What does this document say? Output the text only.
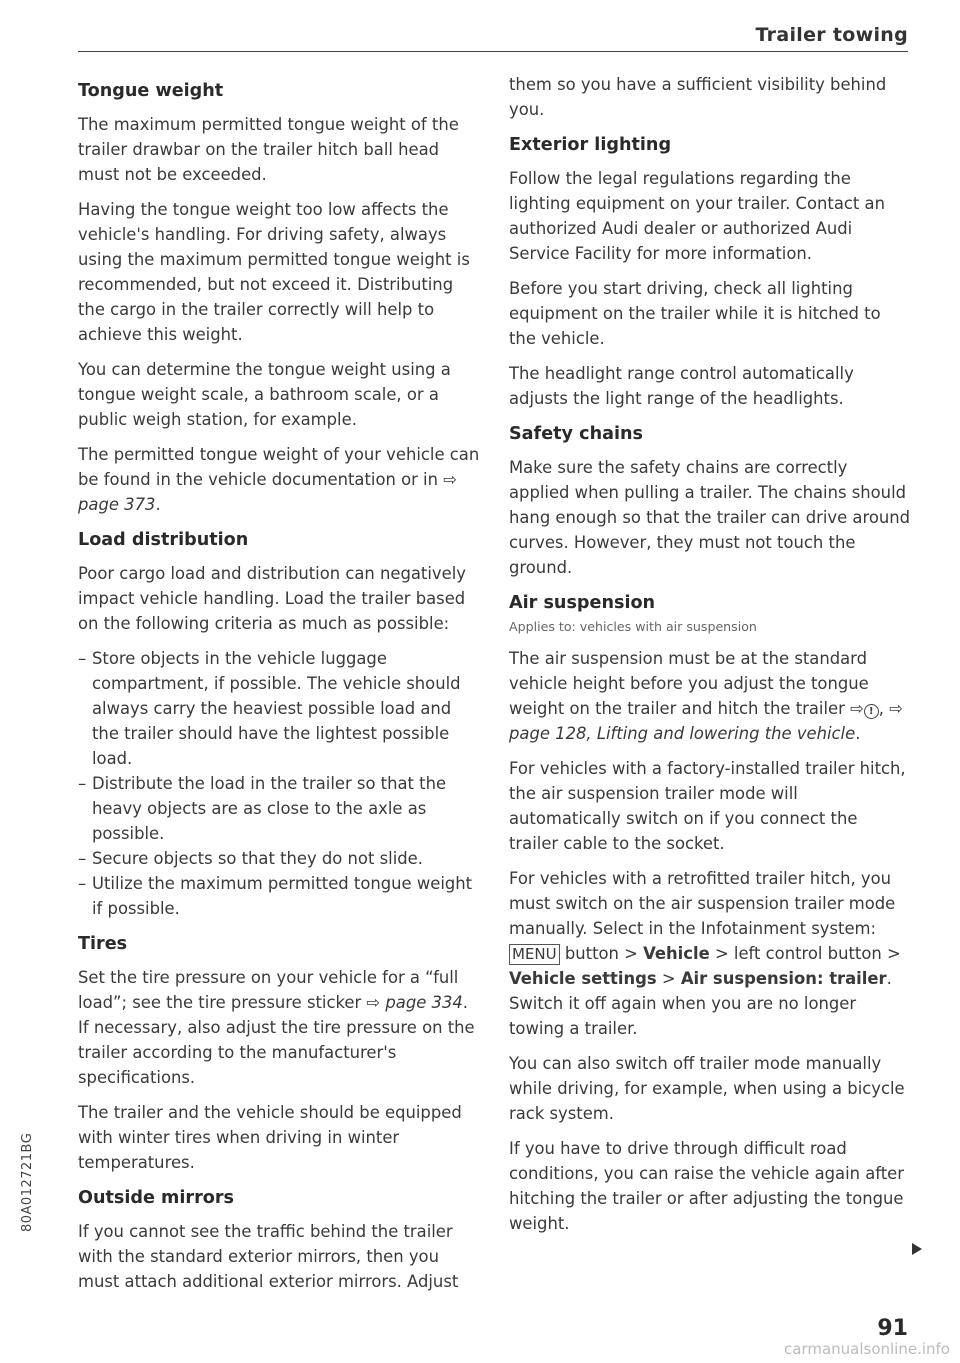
Trailer towing
Tongue weight

The maximum permitted tongue weight of the trailer drawbar on the trailer hitch ball head must not be exceeded.

Having the tongue weight too low affects the vehicle's handling. For driving safety, always using the maximum permitted tongue weight is recommended, but not exceed it. Distributing the cargo in the trailer correctly will help to achieve this weight.

You can determine the tongue weight using a tongue weight scale, a bathroom scale, or a public weigh station, for example.

The permitted tongue weight of your vehicle can be found in the vehicle documentation or in ⇨ page 373.

Load distribution

Poor cargo load and distribution can negatively impact vehicle handling. Load the trailer based on the following criteria as much as possible:

– Store objects in the vehicle luggage compartment, if possible. The vehicle should always carry the heaviest possible load and the trailer should have the lightest possible load.
– Distribute the load in the trailer so that the heavy objects are as close to the axle as possible.
– Secure objects so that they do not slide.
– Utilize the maximum permitted tongue weight if possible.
Tires

Set the tire pressure on your vehicle for a “full load”; see the tire pressure sticker ⇨ page 334. If necessary, also adjust the tire pressure on the trailer according to the manufacturer's specifications.

The trailer and the vehicle should be equipped with winter tires when driving in winter temperatures.

Outside mirrors

If you cannot see the traffic behind the trailer with the standard exterior mirrors, then you must attach additional exterior mirrors. Adjust

them so you have a sufficient visibility behind you.

Exterior lighting

Follow the legal regulations regarding the lighting equipment on your trailer. Contact an authorized Audi dealer or authorized Audi Service Facility for more information.

Before you start driving, check all lighting equipment on the trailer while it is hitched to the vehicle.

The headlight range control automatically adjusts the light range of the headlights.

Safety chains

Make sure the safety chains are correctly applied when pulling a trailer. The chains should hang enough so that the trailer can drive around curves. However, they must not touch the ground.

Air suspension
Applies to: vehicles with air suspension

The air suspension must be at the standard vehicle height before you adjust the tongue weight on the trailer and hitch the trailer ⇨ ! , ⇨ page 128, Lifting and lowering the vehicle.

For vehicles with a factory-installed trailer hitch, the air suspension trailer mode will automatically switch on if you connect the trailer cable to the socket.

For vehicles with a retrofitted trailer hitch, you must switch on the air suspension trailer mode manually. Select in the Infotainment system: MENU button > Vehicle > left control button > Vehicle settings > Air suspension: trailer. Switch it off again when you are no longer towing a trailer.

You can also switch off trailer mode manually while driving, for example, when using a bicycle rack system.

If you have to drive through difficult road conditions, you can raise the vehicle again after hitching the trailer or after adjusting the tongue weight.

80A012721BG
91
carmanualsonline.info
